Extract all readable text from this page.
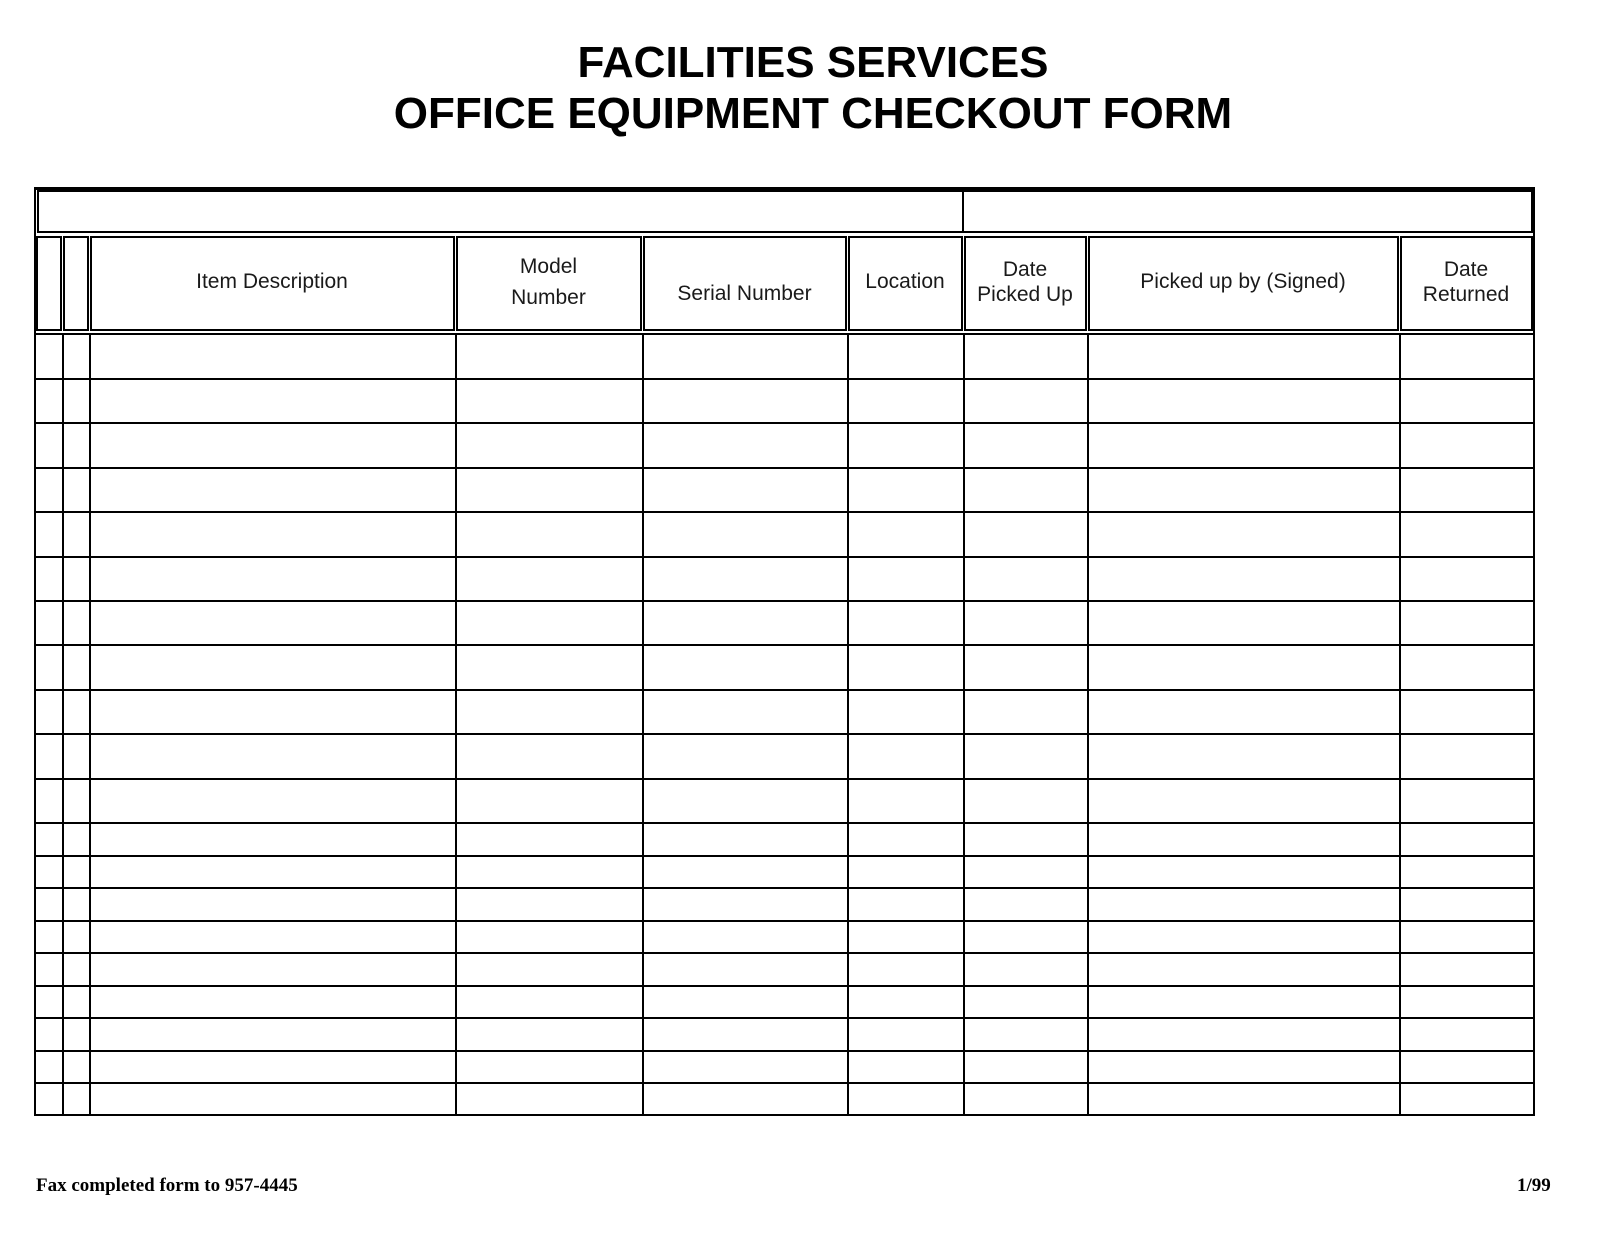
FACILITIES SERVICES
OFFICE EQUIPMENT CHECKOUT FORM
Item Description
Model
Number	Serial Number
Location
Date
Picked Up
Picked up by (Signed)
Date
Returned
Fax completed form to 957-4445	1/99
